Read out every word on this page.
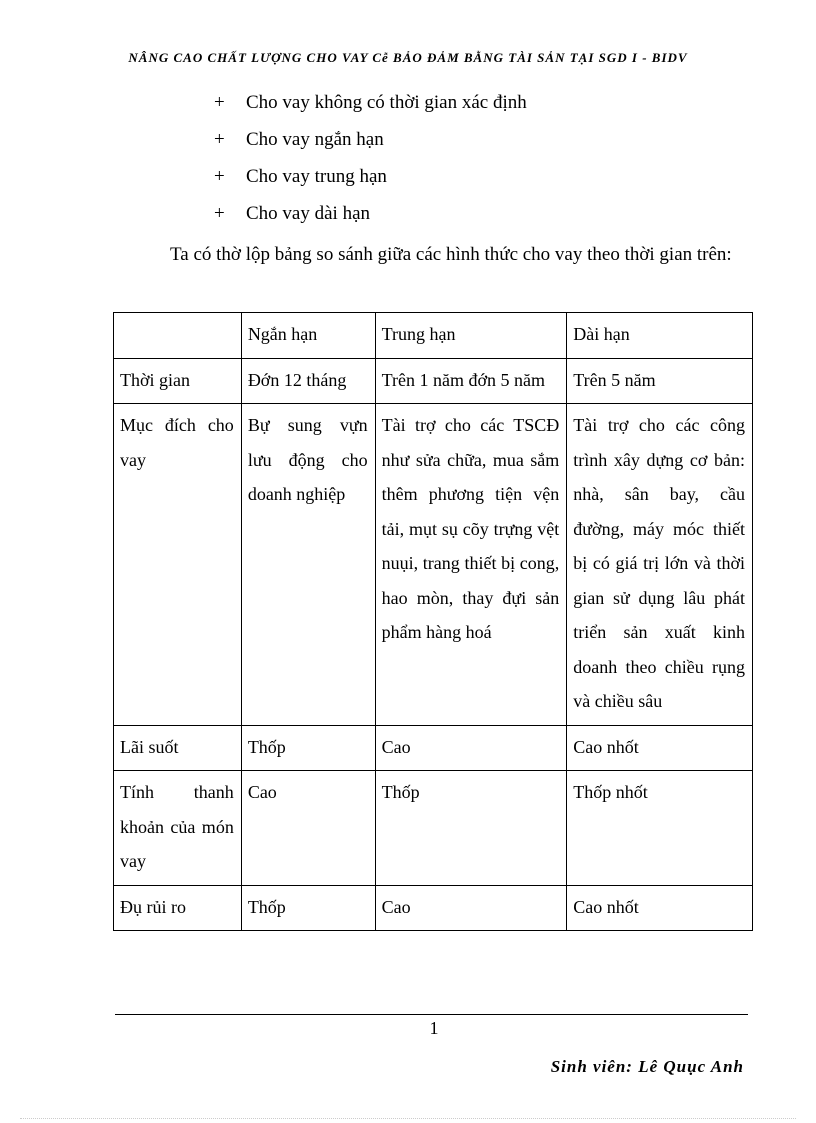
NÂNG CAO CHẤT LƯỢNG CHO VAY Cễ BẢO ĐẢM BẰNG TÀI SẢN TẠI SGD I - BIDV
+	Cho vay không có thời gian xác định
+	Cho vay ngắn hạn
+	Cho vay trung hạn
+	Cho vay dài hạn

Ta có thờ lộp bảng so sánh giữa các hình thức cho vay theo thời gian trên:

	Ngắn hạn	Trung hạn	Dài hạn
Thời gian	Đớn 12 tháng	Trên 1 năm đớn 5 năm	Trên 5 năm
Mục đích cho vay	Bự sung vựn lưu động cho doanh nghiệp	Tài trợ cho các TSCĐ như sửa chữa, mua sắm thêm phương tiện vện tải, mụt sụ cõy trựng vệt nuụi, trang thiết bị cong, hao mòn, thay đựi sản phẩm hàng hoá	Tài trợ cho các công trình xây dựng cơ bản: nhà, sân bay, cầu đường, máy móc thiết bị có giá trị lớn và thời gian sử dụng lâu phát triển sản xuất kinh doanh theo chiều rụng và chiều sâu
Lãi suốt	Thốp	Cao	Cao nhốt
Tính thanh khoản của món vay	Cao	Thốp	Thốp nhốt
Đụ rủi ro	Thốp	Cao	Cao nhốt
1
Sinh viên: Lê Quục Anh
